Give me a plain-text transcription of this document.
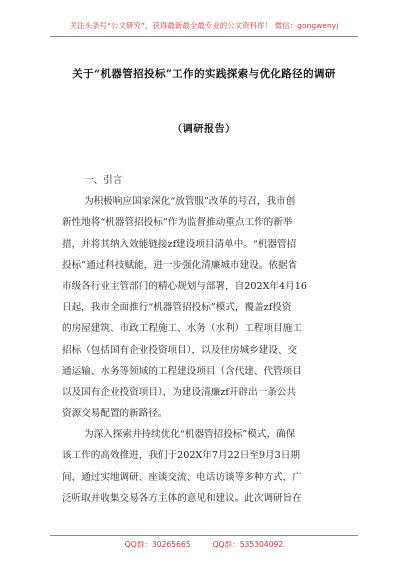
关注头条号“公文研究”，获得最新最全最专业的公文资料库！ 微信：gongwenyj
关于“机器管招投标”工作的实践探索与优化路径的调研
（调研报告）
一、引言
为积极响应国家深化“放管服”改革的号召，我市创
新性地将“机器管招投标”作为监督推动重点工作的新举
措，并将其纳入效能链接zf建设项目清单中。“机器管招
投标”通过科技赋能，进一步强化清廉城市建设。依据省
市级各行业主管部门的精心规划与部署，自202X年4月16
日起，我市全面推行“机器管招投标”模式，覆盖zf投资
的房屋建筑、市政工程施工、水务（水利）工程项目施工
招标（包括国有企业投资项目），以及住房城乡建设、交
通运输、水务等领域的工程建设项目（含代建、代管项目
以及国有企业投资项目），为建设清廉zf开辟出一条公共
资源交易配置的新路径。
为深入探索并持续优化“机器管招投标”模式，确保
该工作的高效推进，我们于202X年7月22日至9月3日期
间，通过实地调研、座谈交流、电话访谈等多种方式，广
泛听取并收集交易各方主体的意见和建议。此次调研旨在
QQ群：30265665	QQ群：535304092
